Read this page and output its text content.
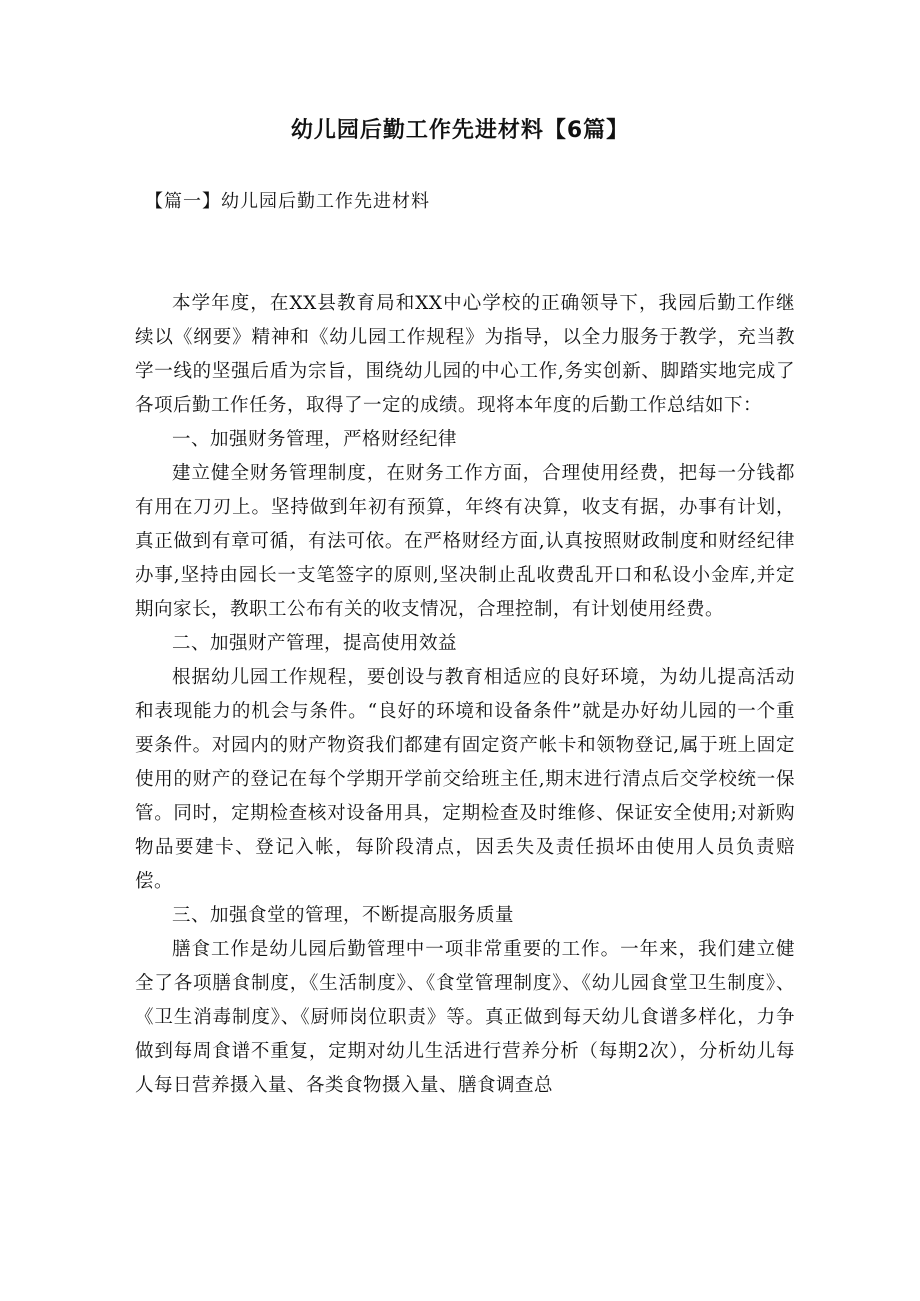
幼儿园后勤工作先进材料【6篇】
【篇一】幼儿园后勤工作先进材料

本学年度，在XX县教育局和XX中心学校的正确领导下，我园后勤工作继续以《纲要》精神和《幼儿园工作规程》为指导，以全力服务于教学，充当教学一线的坚强后盾为宗旨，围绕幼儿园的中心工作,务实创新、脚踏实地完成了各项后勤工作任务，取得了一定的成绩。现将本年度的后勤工作总结如下：

一、加强财务管理，严格财经纪律

建立健全财务管理制度，在财务工作方面，合理使用经费，把每一分钱都有用在刀刃上。坚持做到年初有预算，年终有决算，收支有据，办事有计划，真正做到有章可循，有法可依。在严格财经方面,认真按照财政制度和财经纪律办事,坚持由园长一支笔签字的原则,坚决制止乱收费乱开口和私设小金库,并定期向家长，教职工公布有关的收支情况，合理控制，有计划使用经费。

二、加强财产管理，提高使用效益

根据幼儿园工作规程，要创设与教育相适应的良好环境，为幼儿提高活动和表现能力的机会与条件。“良好的环境和设备条件”就是办好幼儿园的一个重要条件。对园内的财产物资我们都建有固定资产帐卡和领物登记,属于班上固定使用的财产的登记在每个学期开学前交给班主任,期末进行清点后交学校统一保管。同时，定期检查核对设备用具，定期检查及时维修、保证安全使用;对新购物品要建卡、登记入帐，每阶段清点，因丢失及责任损坏由使用人员负责赔偿。

三、加强食堂的管理，不断提高服务质量

膳食工作是幼儿园后勤管理中一项非常重要的工作。一年来，我们建立健全了各项膳食制度，《生活制度》、《食堂管理制度》、《幼儿园食堂卫生制度》、《卫生消毒制度》、《厨师岗位职责》等。真正做到每天幼儿食谱多样化，力争做到每周食谱不重复，定期对幼儿生活进行营养分析（每期2次），分析幼儿每人每日营养摄入量、各类食物摄入量、膳食调查总
